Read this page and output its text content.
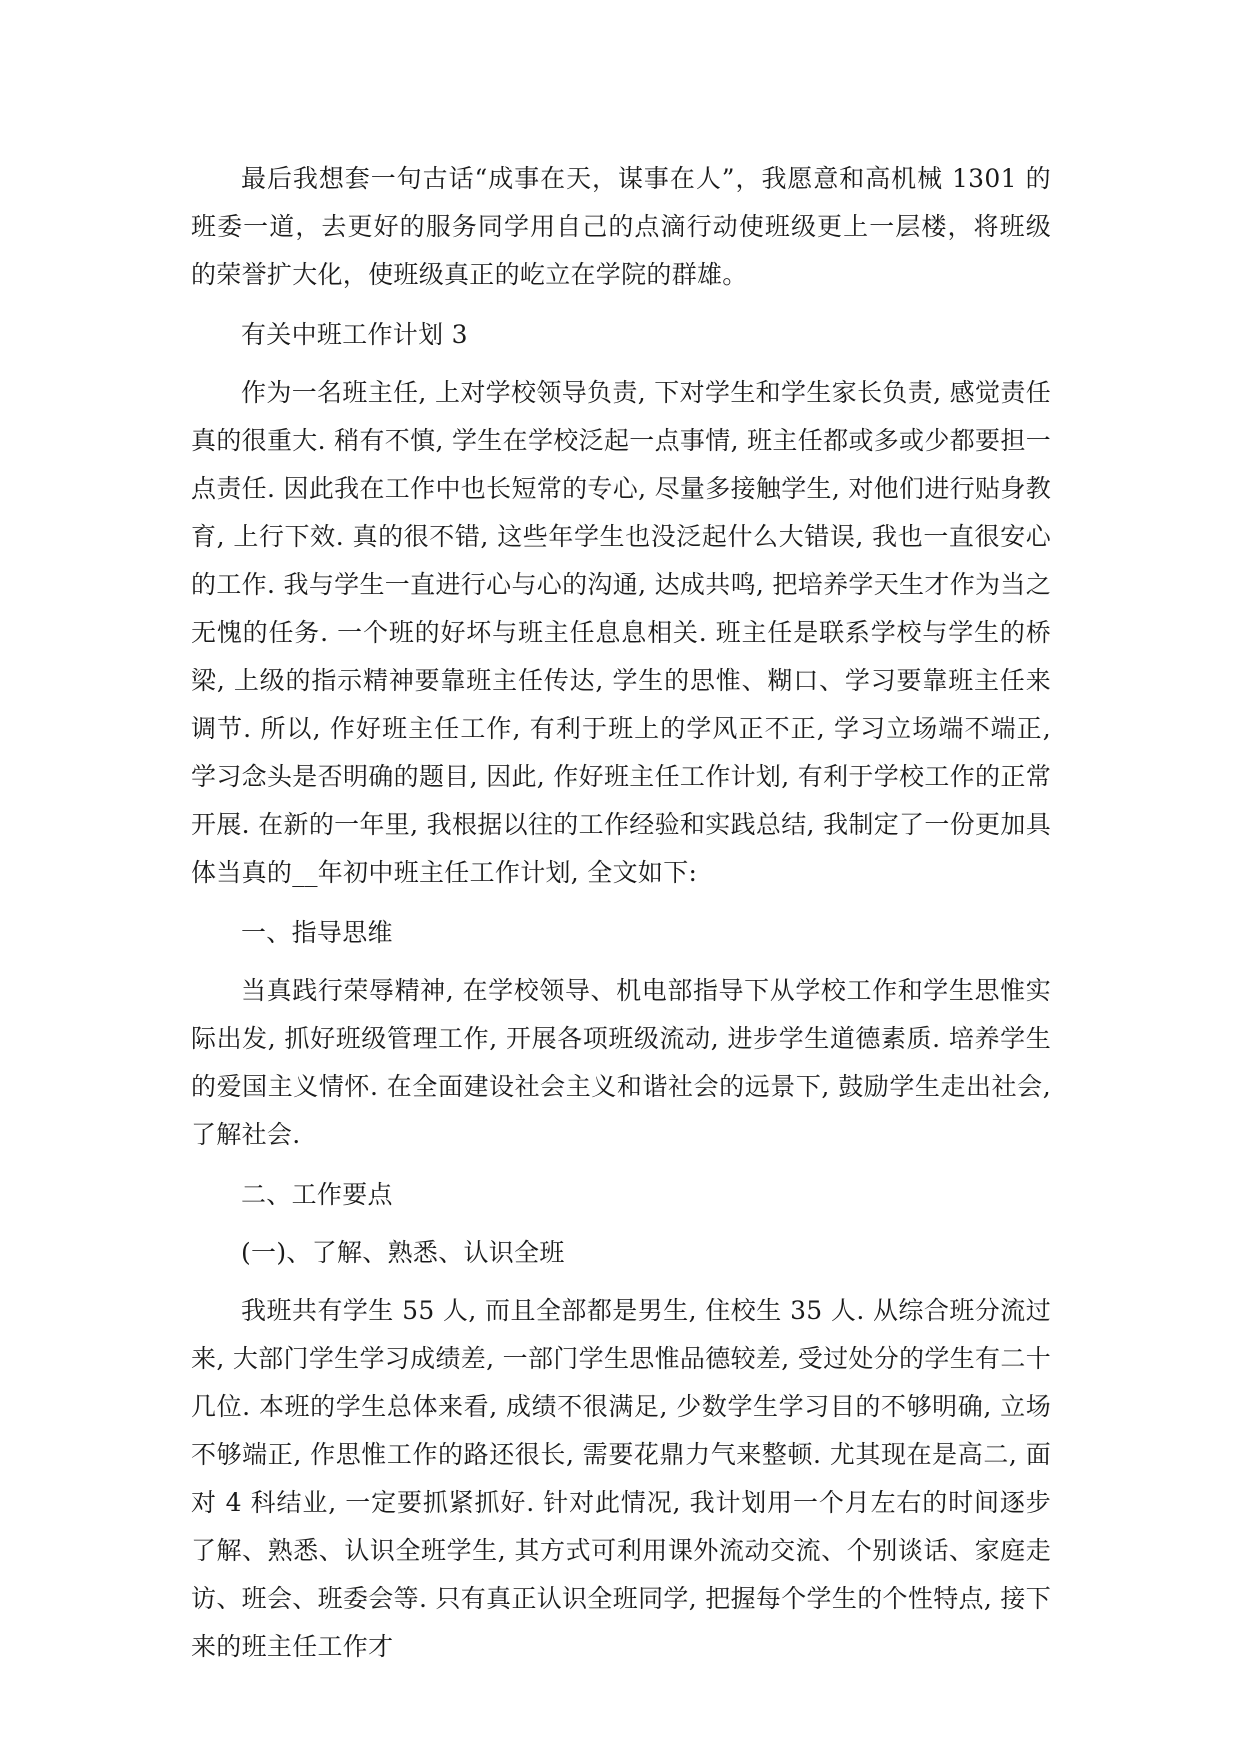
最后我想套一句古话“成事在天，谋事在人”，我愿意和高机械 1301 的班委一道，去更好的服务同学用自己的点滴行动使班级更上一层楼，将班级的荣誉扩大化，使班级真正的屹立在学院的群雄。

有关中班工作计划 3

作为一名班主任, 上对学校领导负责, 下对学生和学生家长负责, 感觉责任真的很重大. 稍有不慎, 学生在学校泛起一点事情, 班主任都或多或少都要担一点责任. 因此我在工作中也长短常的专心, 尽量多接触学生, 对他们进行贴身教育, 上行下效. 真的很不错, 这些年学生也没泛起什么大错误, 我也一直很安心的工作. 我与学生一直进行心与心的沟通, 达成共鸣, 把培养学天生才作为当之无愧的任务. 一个班的好坏与班主任息息相关. 班主任是联系学校与学生的桥梁, 上级的指示精神要靠班主任传达, 学生的思惟、糊口、学习要靠班主任来调节. 所以, 作好班主任工作, 有利于班上的学风正不正, 学习立场端不端正, 学习念头是否明确的题目, 因此, 作好班主任工作计划, 有利于学校工作的正常开展. 在新的一年里, 我根据以往的工作经验和实践总结, 我制定了一份更加具体当真的__年初中班主任工作计划, 全文如下:

一、指导思维

当真践行荣辱精神, 在学校领导、机电部指导下从学校工作和学生思惟实际出发, 抓好班级管理工作, 开展各项班级流动, 进步学生道德素质. 培养学生的爱国主义情怀. 在全面建设社会主义和谐社会的远景下, 鼓励学生走出社会, 了解社会.

二、工作要点

(一)、了解、熟悉、认识全班

我班共有学生 55 人, 而且全部都是男生, 住校生 35 人. 从综合班分流过来, 大部门学生学习成绩差, 一部门学生思惟品德较差, 受过处分的学生有二十几位. 本班的学生总体来看, 成绩不很满足, 少数学生学习目的不够明确, 立场不够端正, 作思惟工作的路还很长, 需要花鼎力气来整顿. 尤其现在是高二, 面对 4 科结业, 一定要抓紧抓好. 针对此情况, 我计划用一个月左右的时间逐步了解、熟悉、认识全班学生, 其方式可利用课外流动交流、个别谈话、家庭走访、班会、班委会等. 只有真正认识全班同学, 把握每个学生的个性特点, 接下来的班主任工作才
